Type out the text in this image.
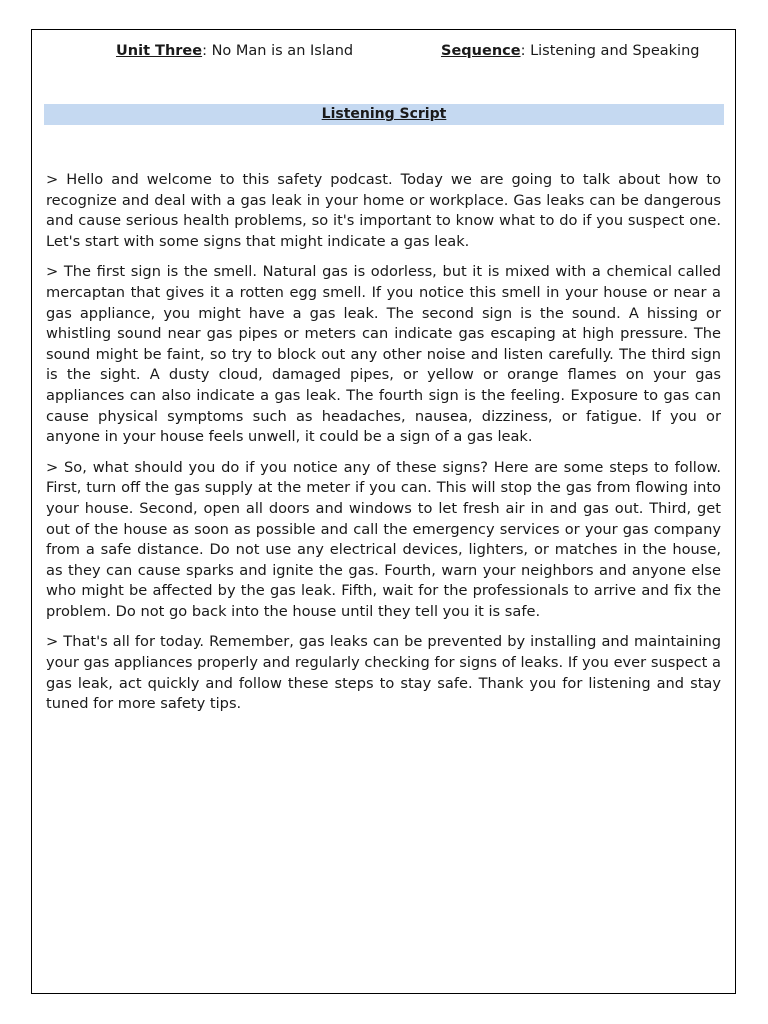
Unit Three: No Man is an Island	Sequence: Listening and Speaking
Listening Script

> Hello and welcome to this safety podcast. Today we are going to talk about how to recognize and deal with a gas leak in your home or workplace. Gas leaks can be dangerous and cause serious health problems, so it's important to know what to do if you suspect one. Let's start with some signs that might indicate a gas leak.

> The first sign is the smell. Natural gas is odorless, but it is mixed with a chemical called mercaptan that gives it a rotten egg smell. If you notice this smell in your house or near a gas appliance, you might have a gas leak. The second sign is the sound. A hissing or whistling sound near gas pipes or meters can indicate gas escaping at high pressure. The sound might be faint, so try to block out any other noise and listen carefully. The third sign is the sight. A dusty cloud, damaged pipes, or yellow or orange flames on your gas appliances can also indicate a gas leak. The fourth sign is the feeling. Exposure to gas can cause physical symptoms such as headaches, nausea, dizziness, or fatigue. If you or anyone in your house feels unwell, it could be a sign of a gas leak.

> So, what should you do if you notice any of these signs? Here are some steps to follow. First, turn off the gas supply at the meter if you can. This will stop the gas from flowing into your house. Second, open all doors and windows to let fresh air in and gas out. Third, get out of the house as soon as possible and call the emergency services or your gas company from a safe distance. Do not use any electrical devices, lighters, or matches in the house, as they can cause sparks and ignite the gas. Fourth, warn your neighbors and anyone else who might be affected by the gas leak. Fifth, wait for the professionals to arrive and fix the problem. Do not go back into the house until they tell you it is safe.

> That's all for today. Remember, gas leaks can be prevented by installing and maintaining your gas appliances properly and regularly checking for signs of leaks. If you ever suspect a gas leak, act quickly and follow these steps to stay safe. Thank you for listening and stay tuned for more safety tips.
